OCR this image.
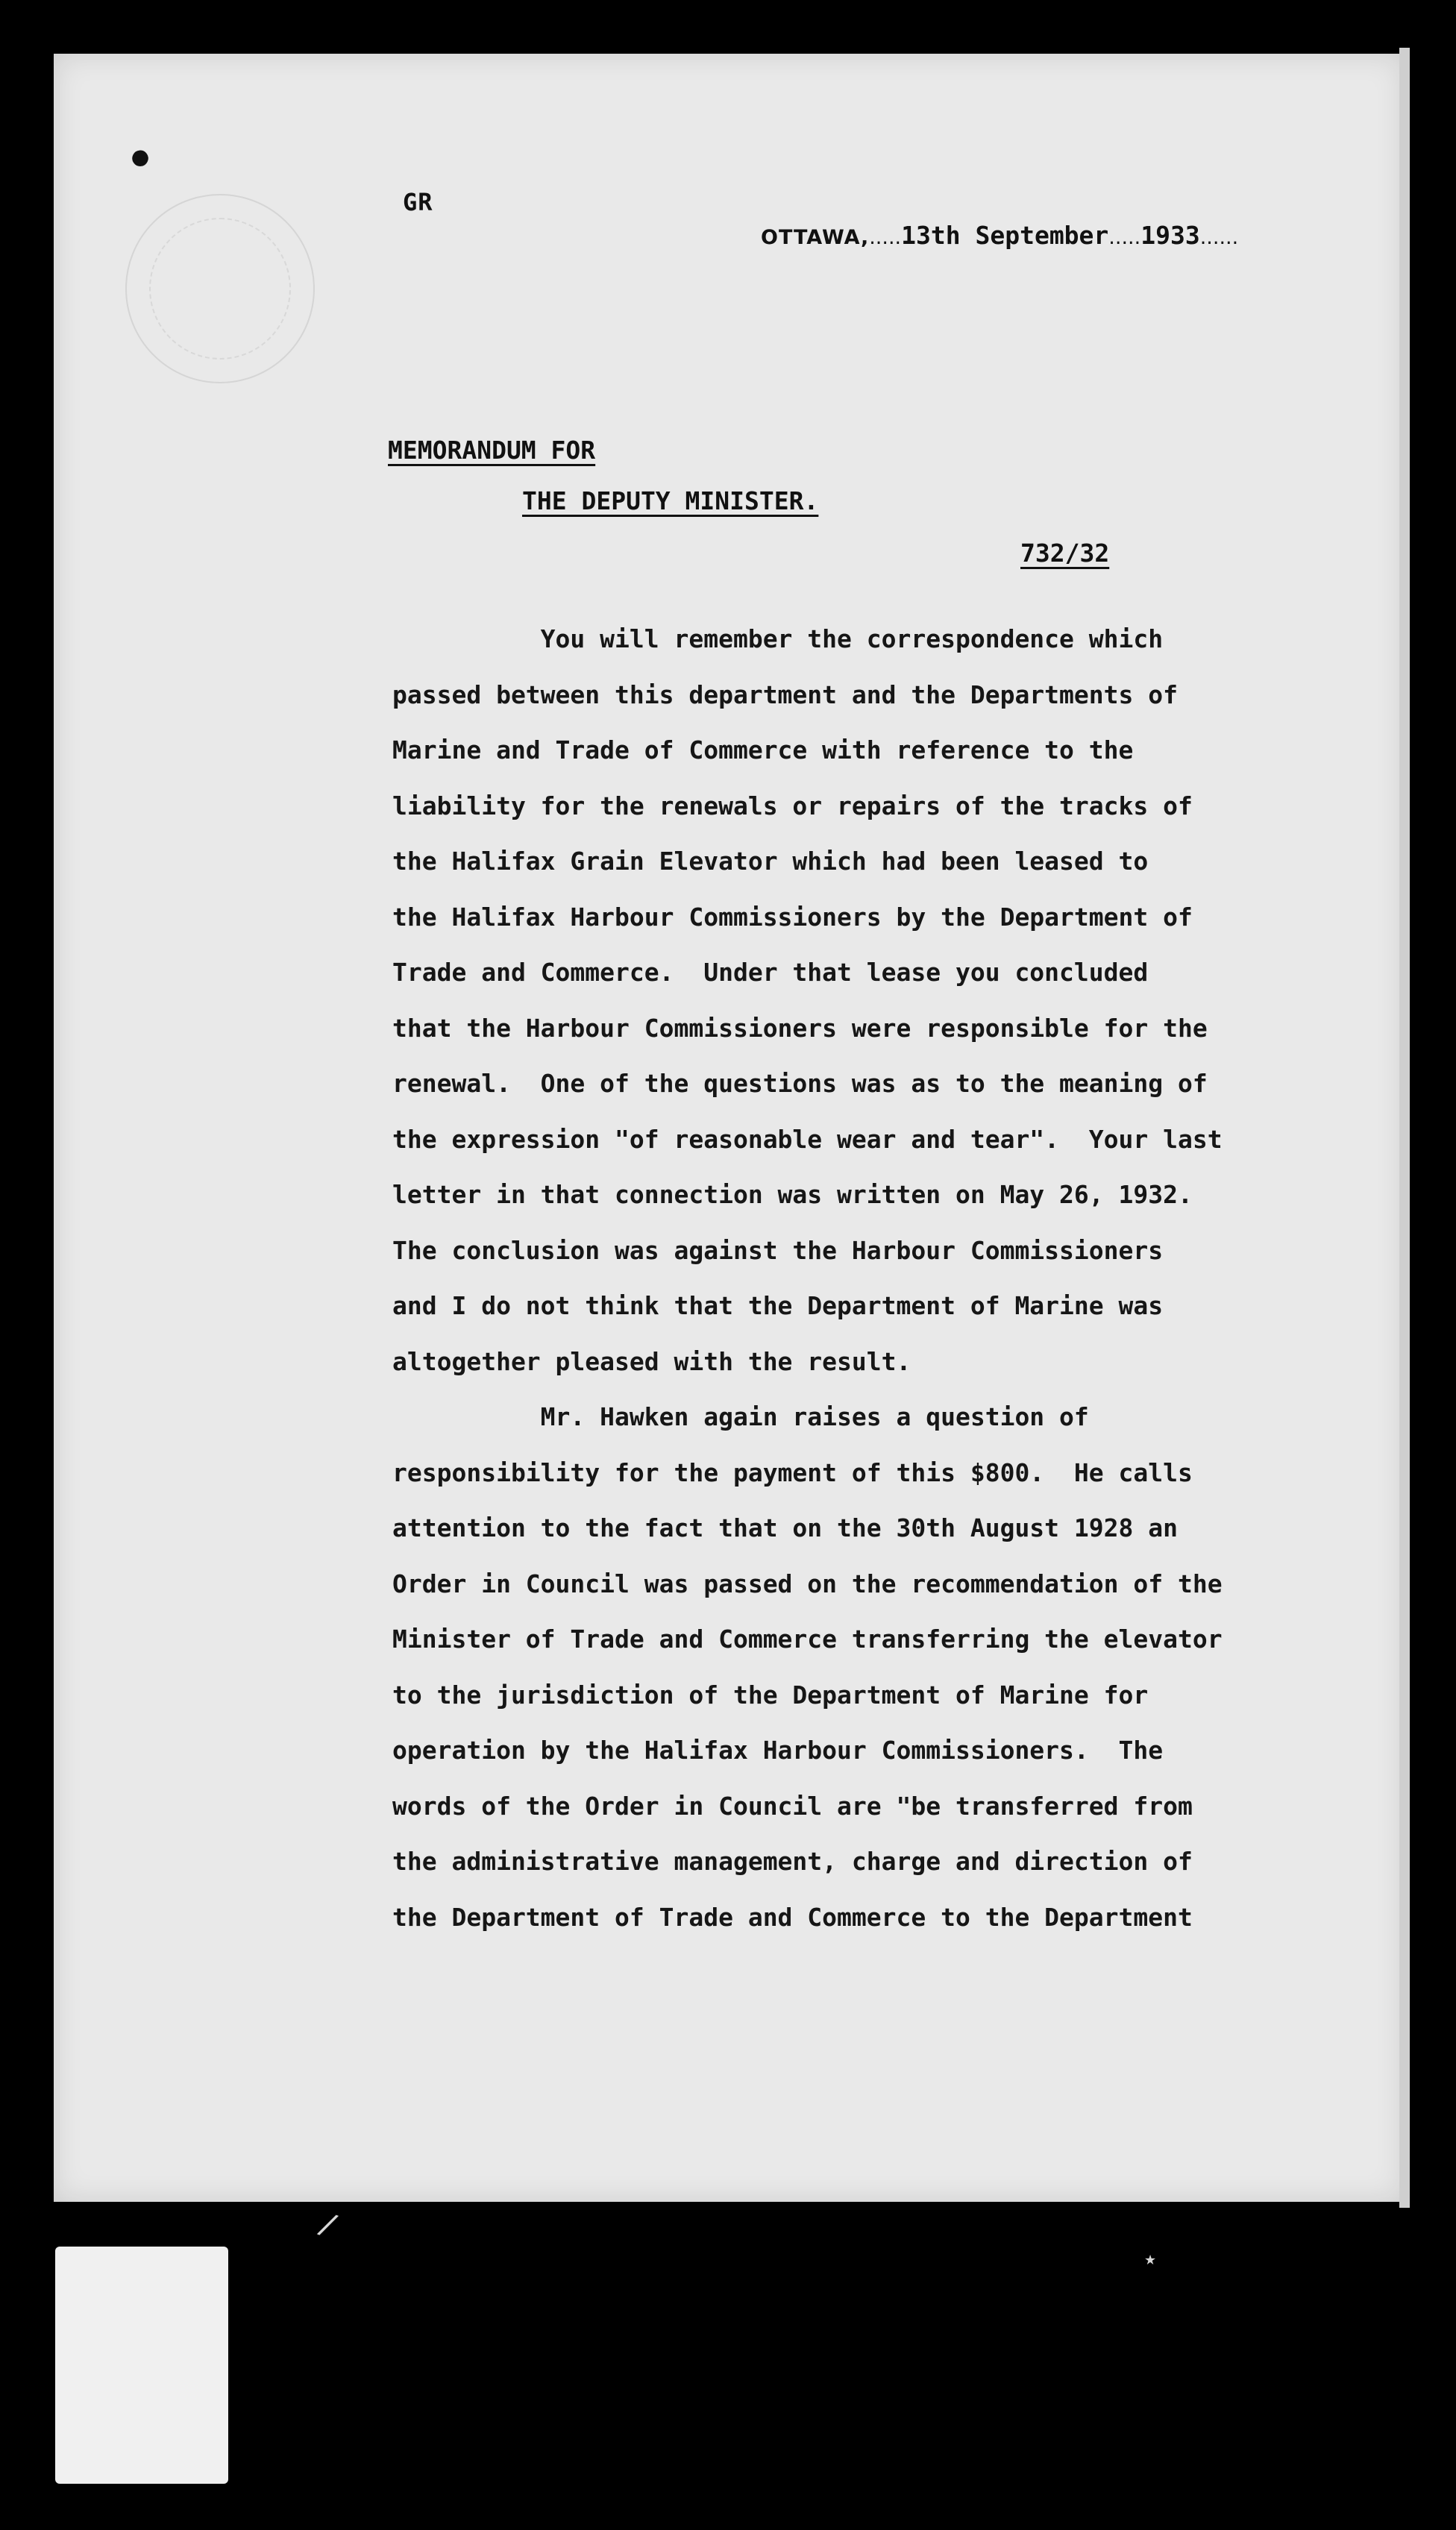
●
GR
OTTAWA,.....13th September.....1933......
MEMORANDUM FOR
THE DEPUTY MINISTER.
732/32
You will remember the correspondence which
passed between this department and the Departments of
Marine and Trade of Commerce with reference to the
liability for the renewals or repairs of the tracks of
the Halifax Grain Elevator which had been leased to
the Halifax Harbour Commissioners by the Department of
Trade and Commerce.  Under that lease you concluded
that the Harbour Commissioners were responsible for the
renewal.  One of the questions was as to the meaning of
the expression "of reasonable wear and tear".  Your last
letter in that connection was written on May 26, 1932.
The conclusion was against the Harbour Commissioners
and I do not think that the Department of Marine was
altogether pleased with the result.
Mr. Hawken again raises a question of
responsibility for the payment of this $800.  He calls
attention to the fact that on the 30th August 1928 an
Order in Council was passed on the recommendation of the
Minister of Trade and Commerce transferring the elevator
to the jurisdiction of the Department of Marine for
operation by the Halifax Harbour Commissioners.  The
words of the Order in Council are "be transferred from
the administrative management, charge and direction of
the Department of Trade and Commerce to the Department
/
⋆
